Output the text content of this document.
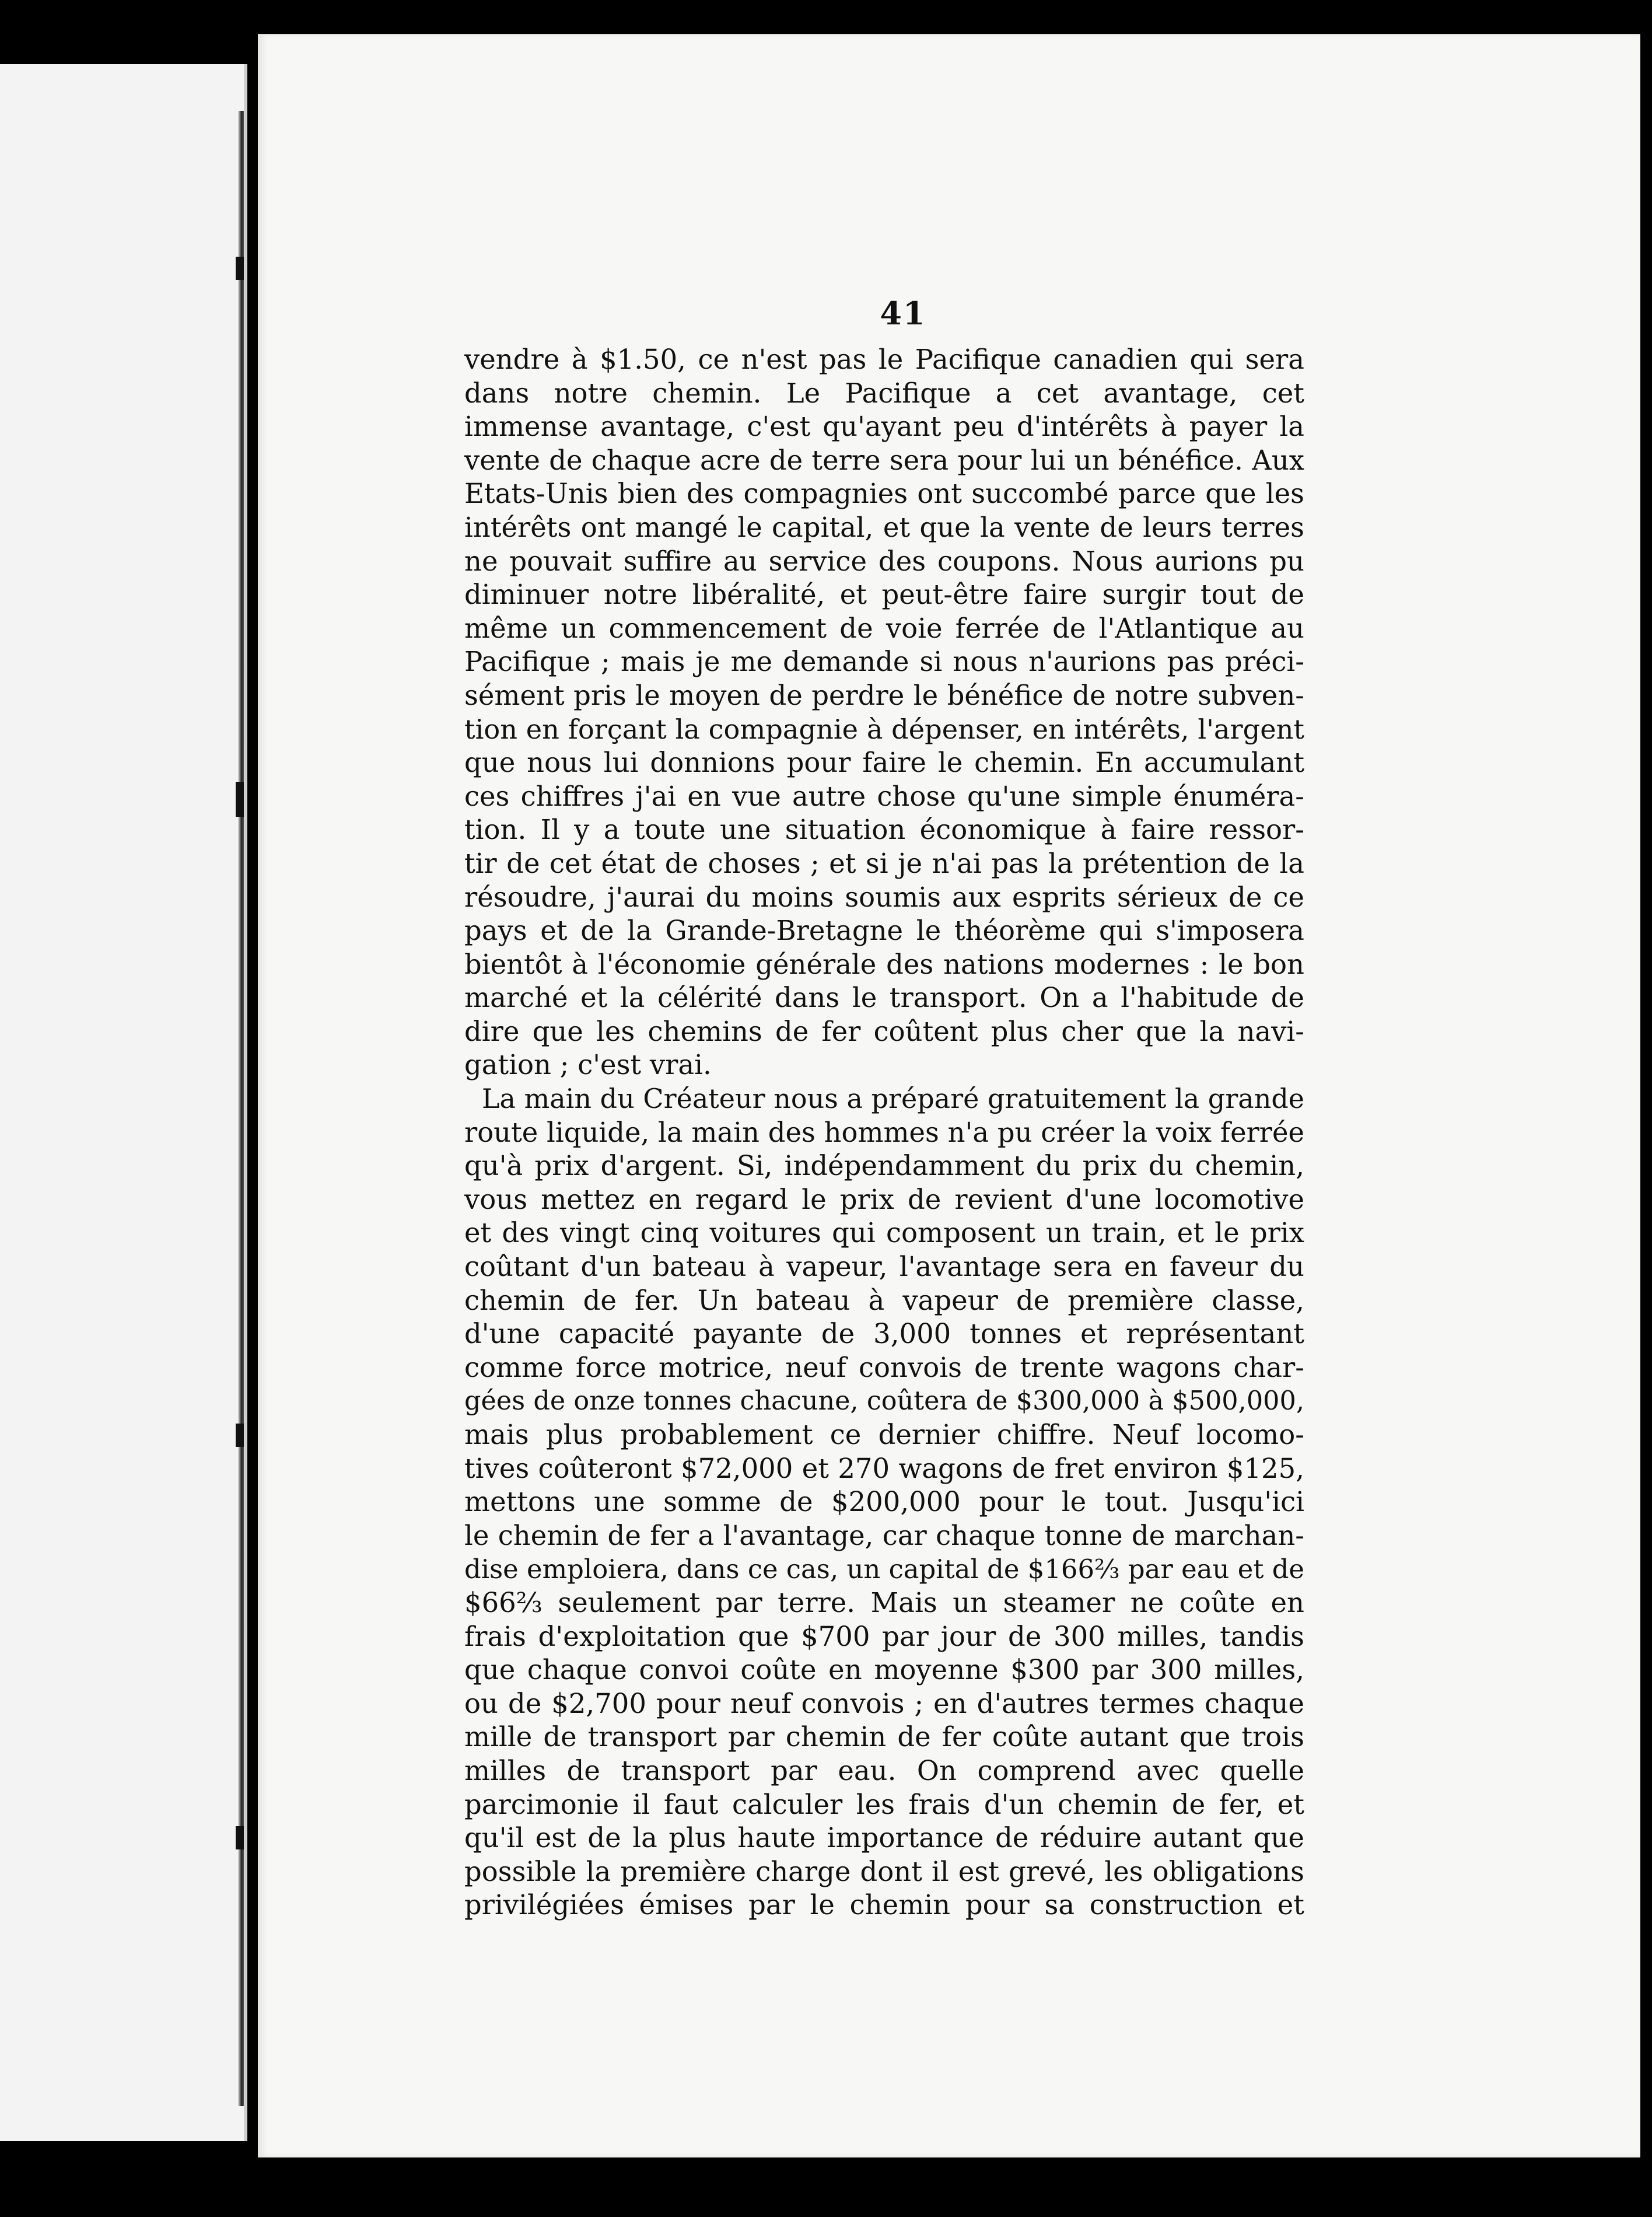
41
vendre à $1.50, ce n'est pas le Pacifique canadien qui sera
dans notre chemin. Le Pacifique a cet avantage, cet
immense avantage, c'est qu'ayant peu d'intérêts à payer la
vente de chaque acre de terre sera pour lui un bénéfice. Aux
Etats-Unis bien des compagnies ont succombé parce que les
intérêts ont mangé le capital, et que la vente de leurs terres
ne pouvait suffire au service des coupons. Nous aurions pu
diminuer notre libéralité, et peut-être faire surgir tout de
même un commencement de voie ferrée de l'Atlantique au
Pacifique ; mais je me demande si nous n'aurions pas préci-
sément pris le moyen de perdre le bénéfice de notre subven-
tion en forçant la compagnie à dépenser, en intérêts, l'argent
que nous lui donnions pour faire le chemin. En accumulant
ces chiffres j'ai en vue autre chose qu'une simple énuméra-
tion. Il y a toute une situation économique à faire ressor-
tir de cet état de choses ; et si je n'ai pas la prétention de la
résoudre, j'aurai du moins soumis aux esprits sérieux de ce
pays et de la Grande-Bretagne le théorème qui s'imposera
bientôt à l'économie générale des nations modernes : le bon
marché et la célérité dans le transport. On a l'habitude de
dire que les chemins de fer coûtent plus cher que la navi-
gation ; c'est vrai.
La main du Créateur nous a préparé gratuitement la grande
route liquide, la main des hommes n'a pu créer la voix ferrée
qu'à prix d'argent. Si, indépendamment du prix du chemin,
vous mettez en regard le prix de revient d'une locomotive
et des vingt cinq voitures qui composent un train, et le prix
coûtant d'un bateau à vapeur, l'avantage sera en faveur du
chemin de fer. Un bateau à vapeur de première classe,
d'une capacité payante de 3,000 tonnes et représentant
comme force motrice, neuf convois de trente wagons char-
gées de onze tonnes chacune, coûtera de $300,000 à $500,000,
mais plus probablement ce dernier chiffre. Neuf locomo-
tives coûteront $72,000 et 270 wagons de fret environ $125,
mettons une somme de $200,000 pour le tout. Jusqu'ici
le chemin de fer a l'avantage, car chaque tonne de marchan-
dise emploiera, dans ce cas, un capital de $166⅔ par eau et de
$66⅔ seulement par terre. Mais un steamer ne coûte en
frais d'exploitation que $700 par jour de 300 milles, tandis
que chaque convoi coûte en moyenne $300 par 300 milles,
ou de $2,700 pour neuf convois ; en d'autres termes chaque
mille de transport par chemin de fer coûte autant que trois
milles de transport par eau. On comprend avec quelle
parcimonie il faut calculer les frais d'un chemin de fer, et
qu'il est de la plus haute importance de réduire autant que
possible la première charge dont il est grevé, les obligations
privilégiées émises par le chemin pour sa construction et
